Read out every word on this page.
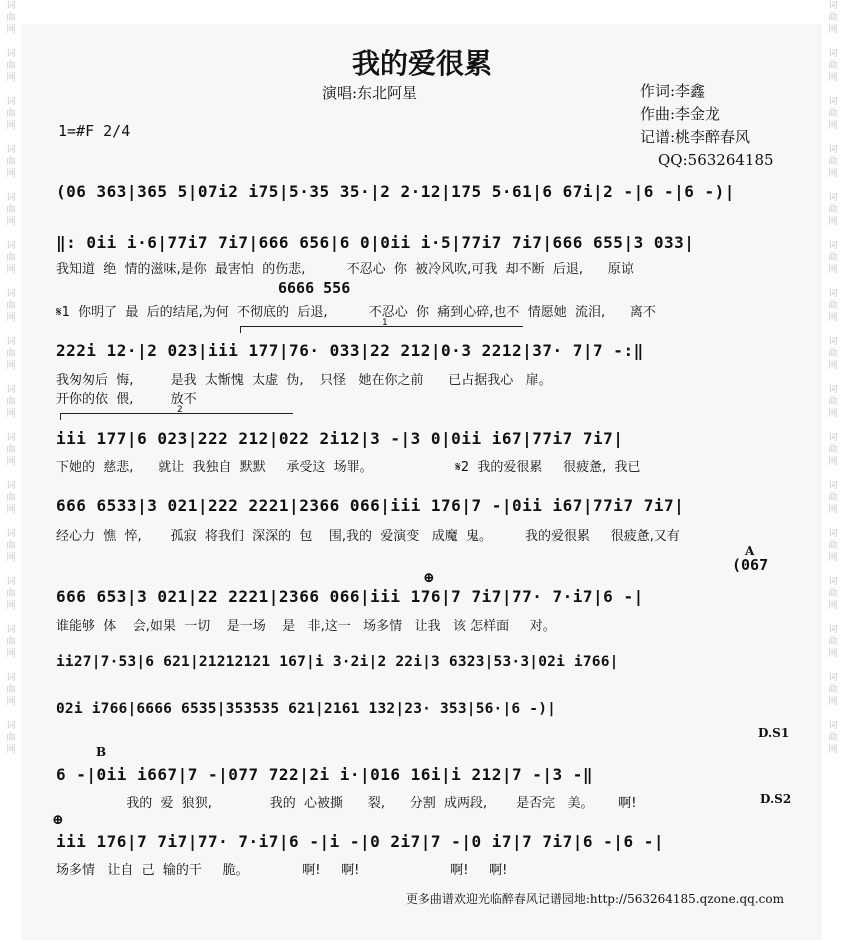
词
曲
网

词
曲
网

词
曲
网

词
曲
网

词
曲
网

词
曲
网

词
曲
网

词
曲
网

词
曲
网

词
曲
网

词
曲
网

词
曲
网

词
曲
网

词
曲
网

词
曲
网

词
曲
网

词
曲
网

词
曲
网

词
曲
网

词
曲
网

词
曲
网

词
曲
网

词
曲
网

词
曲
网

词
曲
网

词
曲
网

词
曲
网

词
曲
网

词
曲
网

词
曲
网

词
曲
网

词
曲
网

我的爱很累
演唱:东北阿星	作词:李鑫
作曲:李金龙
记谱:桃李醉春风
QQ:563264185
1=#F 2/4
(06 363|365 5|07i2 i75|5·35 35·|2 2·12|175 5·61|6 67i|2 -|6 -|6 -)|
‖: 0ii i·6|77i7 7i7|666 656|6 0|0ii i·5|77i7 7i7|666 655|3 033|
我知道  绝  情的滋味,是你  最害怕  的伤悲,          不忍心  你  被冷风吹,可我  却不断  后退,      原谅
6666 556
𝄋1  你明了  最  后的结尾,为何  不彻底的  后退,          不忍心  你  痛到心碎,也不  情愿她  流泪,      离不
1
222i 12·|2 023|iii 177|76· 033|22 212|0·3 2212|37· 7|7 -:‖
我匆匆后  悔,         是我  太惭愧  太虚  伪,    只怪   她在你之前      已占据我心   扉。
开你的依  偎,         放不
2
iii 177|6 023|222 212|022 2i12|3 -|3 0|0ii i67|77i7 7i7|
下她的  慈悲,      就让  我独自  默默     承受这  场罪。                    𝄋2  我的爱很累     很疲惫,  我已
666 6533|3 021|222 2221|2366 066|iii 176|7 -|0ii i67|77i7 7i7|
经心力  憔  悴,       孤寂  将我们  深深的  包    围,我的  爱演变   成魔  鬼。        我的爱很累     很疲惫,又有
A
(067
⊕
666 653|3 021|22 2221|2366 066|iii 176|7 7i7|77· 7·i7|6 -|
谁能够  体    会,如果  一切    是一场    是   非,这一   场多情   让我   该 怎样面     对。
ii27|7·53|6 621|21212121 167|i 3·2i|2 22i|3 6323|53·3|02i i766|
02i i766|6666 6535|353535 621|2161 132|23· 353|56·|6 -)|
D.S1
B
6 -|0ii i667|7 -|077 722|2i i·|016 16i|i 212|7 -|3 -‖
我的  爱  狼狈,              我的  心被撕      裂,      分割  成两段,       是否完   美。      啊!	D.S2
⊕
iii 176|7 7i7|77· 7·i7|6 -|i -|0 2i7|7 -|0 i7|7 7i7|6 -|6 -|
场多情   让自  己  输的干     脆。             啊!     啊!                      啊!     啊!
更多曲谱欢迎光临醉春风记谱园地:http://563264185.qzone.qq.com
